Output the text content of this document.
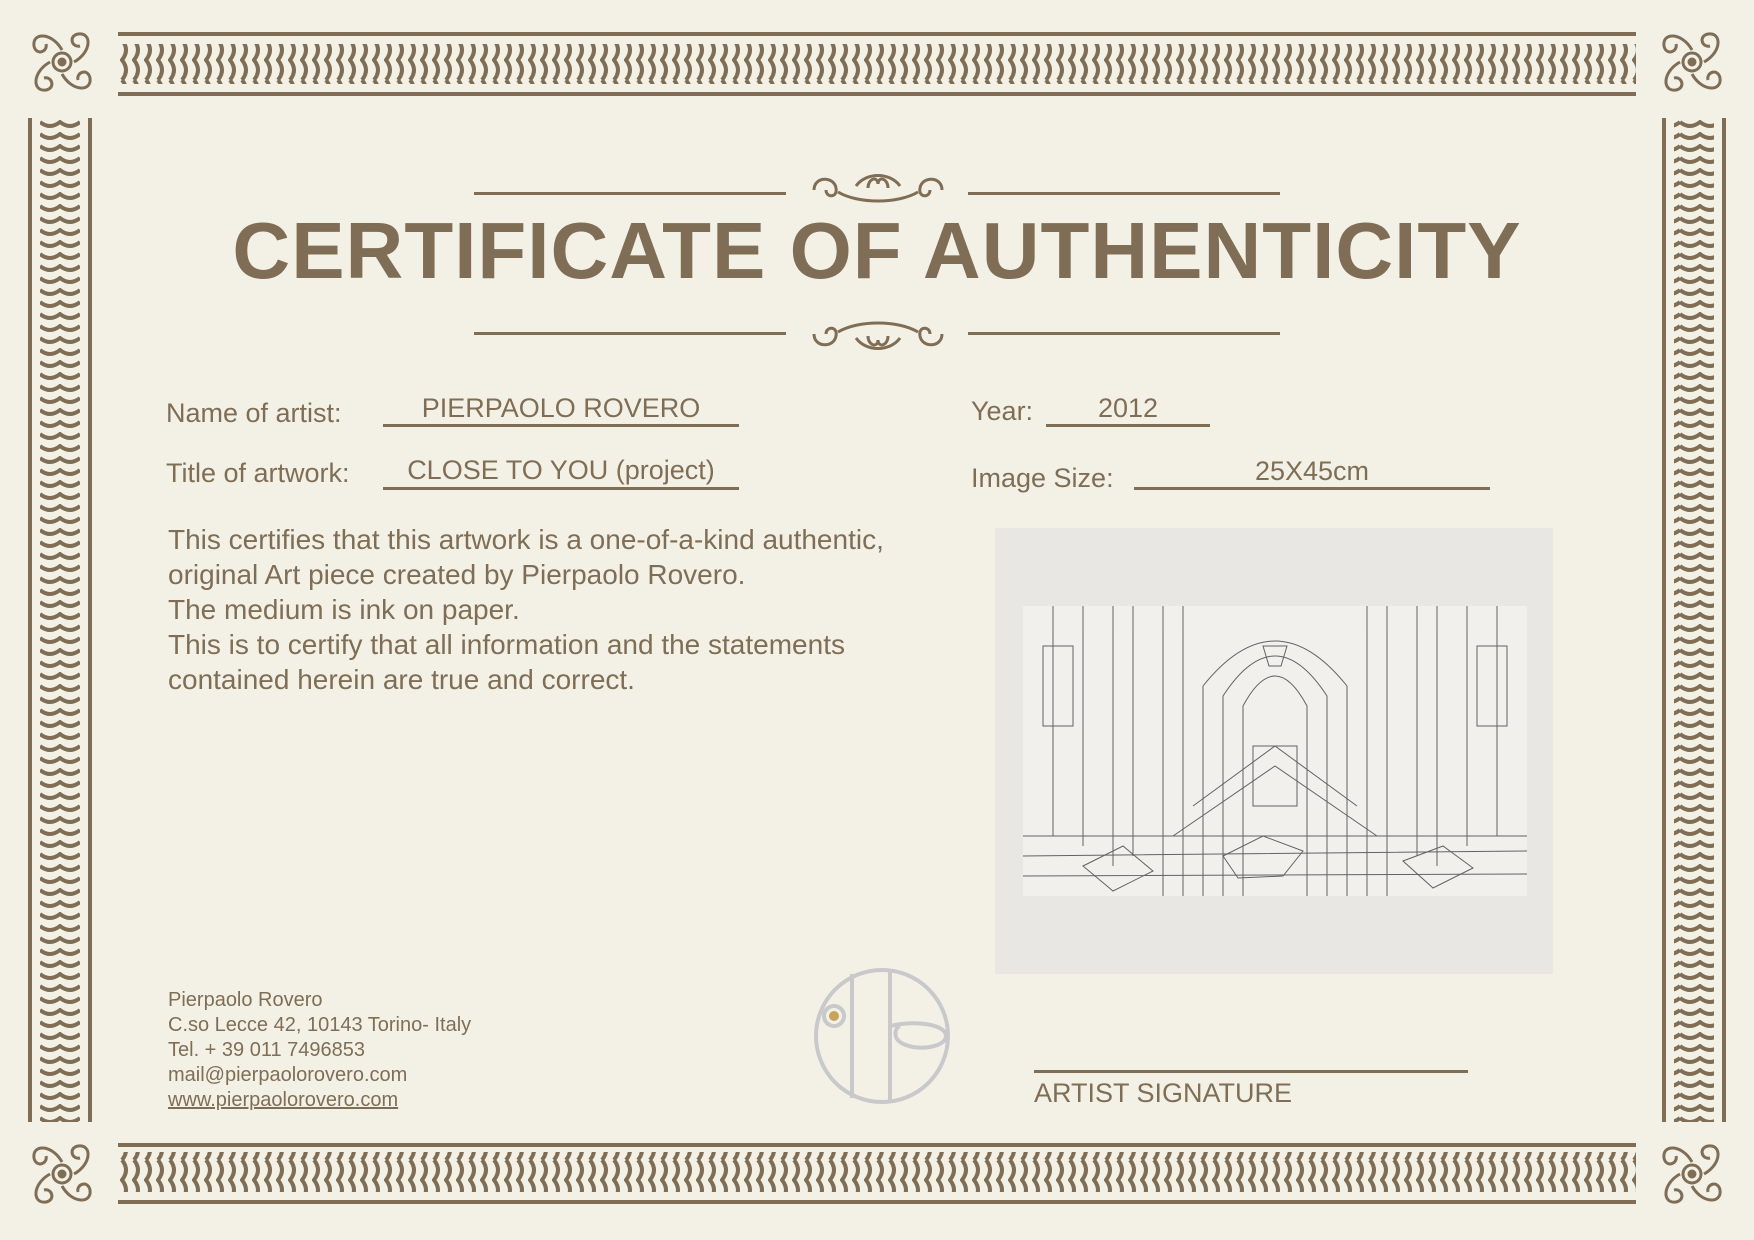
CERTIFICATE OF AUTHENTICITY
Name of artist:	PIERPAOLO ROVERO
Title of artwork:	CLOSE TO YOU (project)
Year:	2012
Image Size:	25X45cm
This certifies that this artwork is a one-of-a-kind authentic,
original Art piece created by Pierpaolo Rovero.
The medium is ink on paper.
This is to certify that all information and the statements
contained herein are true and correct.
Pierpaolo Rovero
C.so Lecce 42, 10143 Torino- Italy
Tel. + 39 011 7496853
mail@pierpaolorovero.com
www.pierpaolorovero.com	ARTIST SIGNATURE
